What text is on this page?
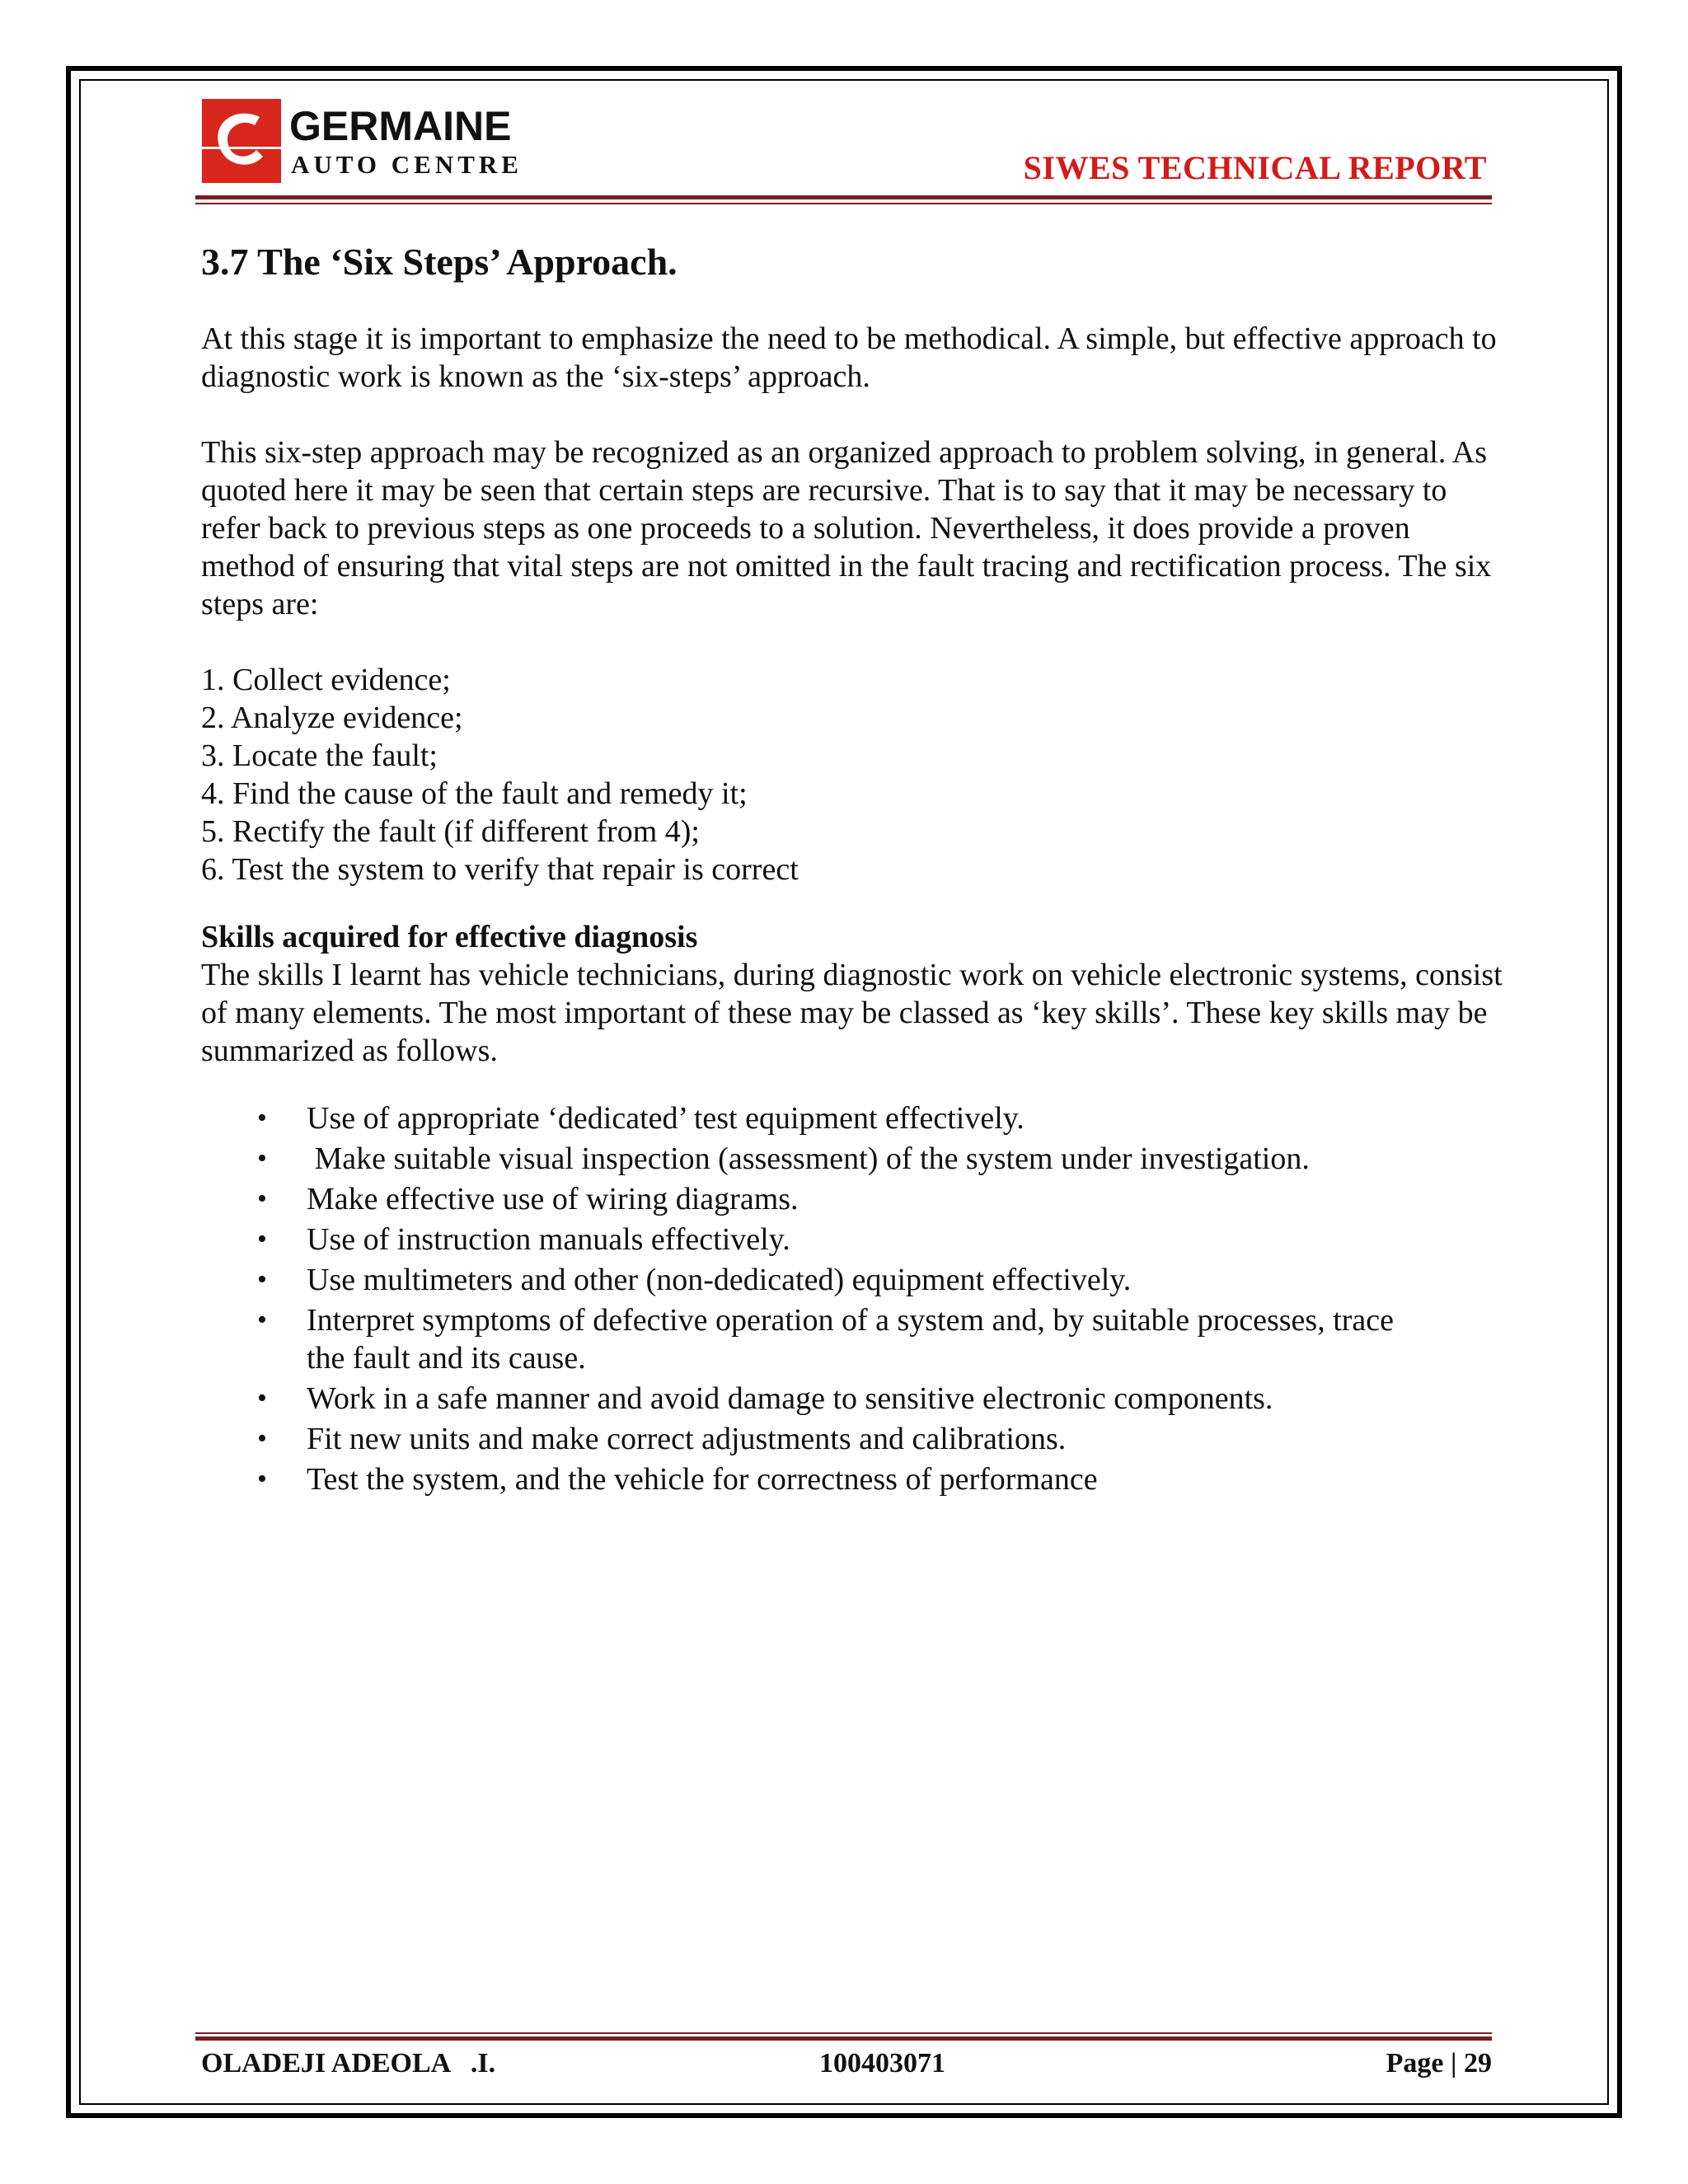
GERMAINE
AUTO CENTRE	SIWES TECHNICAL REPORT
3.7 The ‘Six Steps’ Approach.

At this stage it is important to emphasize the need to be methodical. A simple, but effective approach to diagnostic work is known as the ‘six-steps’ approach.

This six-step approach may be recognized as an organized approach to problem solving, in general. As quoted here it may be seen that certain steps are recursive. That is to say that it may be necessary to refer back to previous steps as one proceeds to a solution. Nevertheless, it does provide a proven method of ensuring that vital steps are not omitted in the fault tracing and rectification process. The six steps are:

1. Collect evidence;
2. Analyze evidence;
3. Locate the fault;
4. Find the cause of the fault and remedy it;
5. Rectify the fault (if different from 4);
6. Test the system to verify that repair is correct
Skills acquired for effective diagnosis
The skills I learnt has vehicle technicians, during diagnostic work on vehicle electronic systems, consist of many elements. The most important of these may be classed as ‘key skills’. These key skills may be summarized as follows.
• Use of appropriate ‘dedicated’ test equipment effectively.
• Make suitable visual inspection (assessment) of the system under investigation.
• Make effective use of wiring diagrams.
• Use of instruction manuals effectively.
• Use multimeters and other (non-dedicated) equipment effectively.
• Interpret symptoms of defective operation of a system and, by suitable processes, trace the fault and its cause.
• Work in a safe manner and avoid damage to sensitive electronic components.
• Fit new units and make correct adjustments and calibrations.
• Test the system, and the vehicle for correctness of performance
OLADEJI ADEOLA   .I.	100403071	Page | 29
